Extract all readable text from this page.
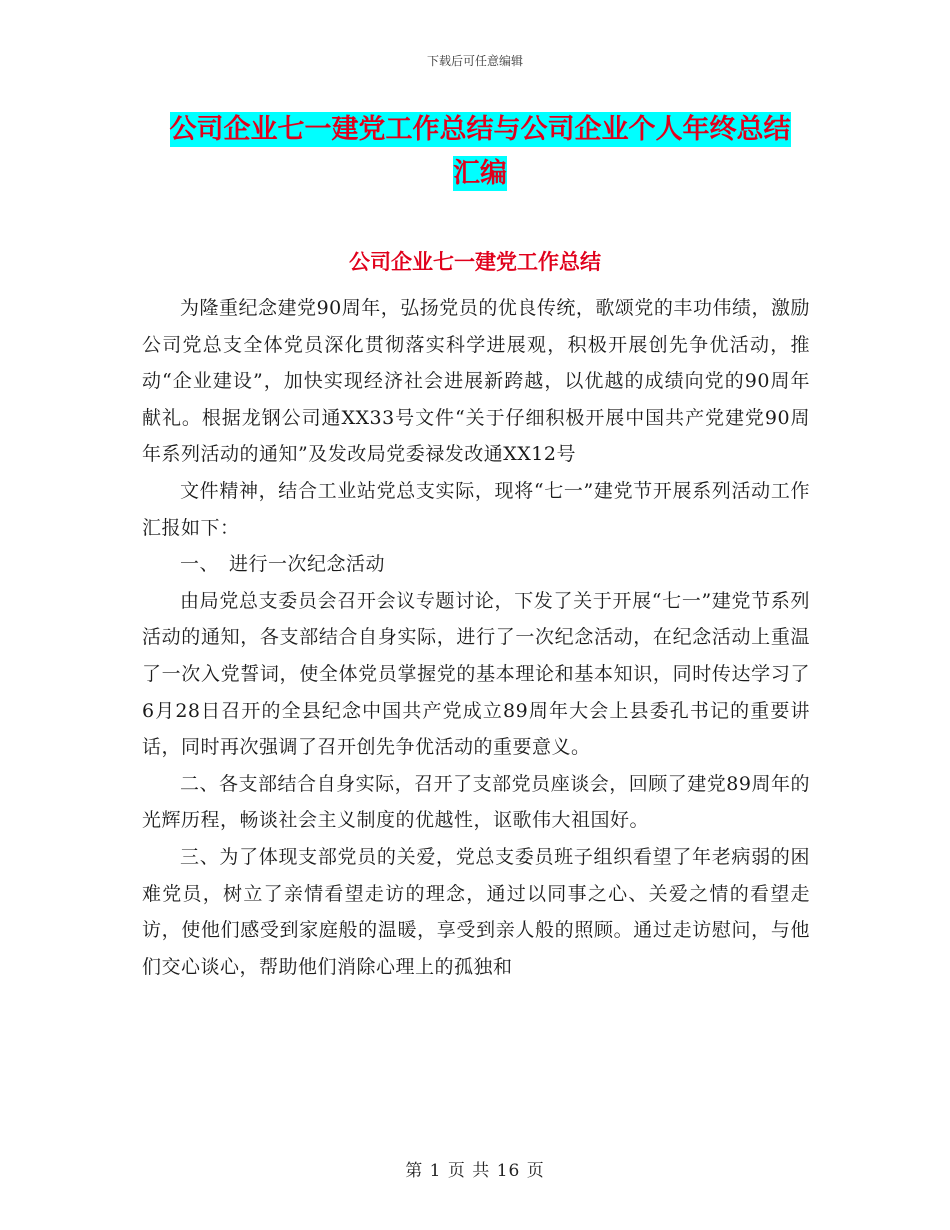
下载后可任意编辑
公司企业七一建党工作总结与公司企业个人年终总结
汇编
公司企业七一建党工作总结

为隆重纪念建党90周年，弘扬党员的优良传统，歌颂党的丰功伟绩，激励公司党总支全体党员深化贯彻落实科学进展观，积极开展创先争优活动，推动“企业建设”，加快实现经济社会进展新跨越，以优越的成绩向党的90周年献礼。根据龙钢公司通XX33号文件“关于仔细积极开展中国共产党建党90周年系列活动的通知”及发改局党委禄发改通XX12号

文件精神，结合工业站党总支实际，现将“七一”建党节开展系列活动工作汇报如下：

一、　进行一次纪念活动

由局党总支委员会召开会议专题讨论，下发了关于开展“七一”建党节系列活动的通知，各支部结合自身实际，进行了一次纪念活动，在纪念活动上重温了一次入党誓词，使全体党员掌握党的基本理论和基本知识，同时传达学习了6月28日召开的全县纪念中国共产党成立89周年大会上县委孔书记的重要讲话，同时再次强调了召开创先争优活动的重要意义。

二、各支部结合自身实际，召开了支部党员座谈会，回顾了建党89周年的光辉历程，畅谈社会主义制度的优越性，讴歌伟大祖国好。

三、为了体现支部党员的关爱，党总支委员班子组织看望了年老病弱的困难党员，树立了亲情看望走访的理念，通过以同事之心、关爱之情的看望走访，使他们感受到家庭般的温暖，享受到亲人般的照顾。通过走访慰问，与他们交心谈心，帮助他们消除心理上的孤独和

第 1 页 共 16 页
